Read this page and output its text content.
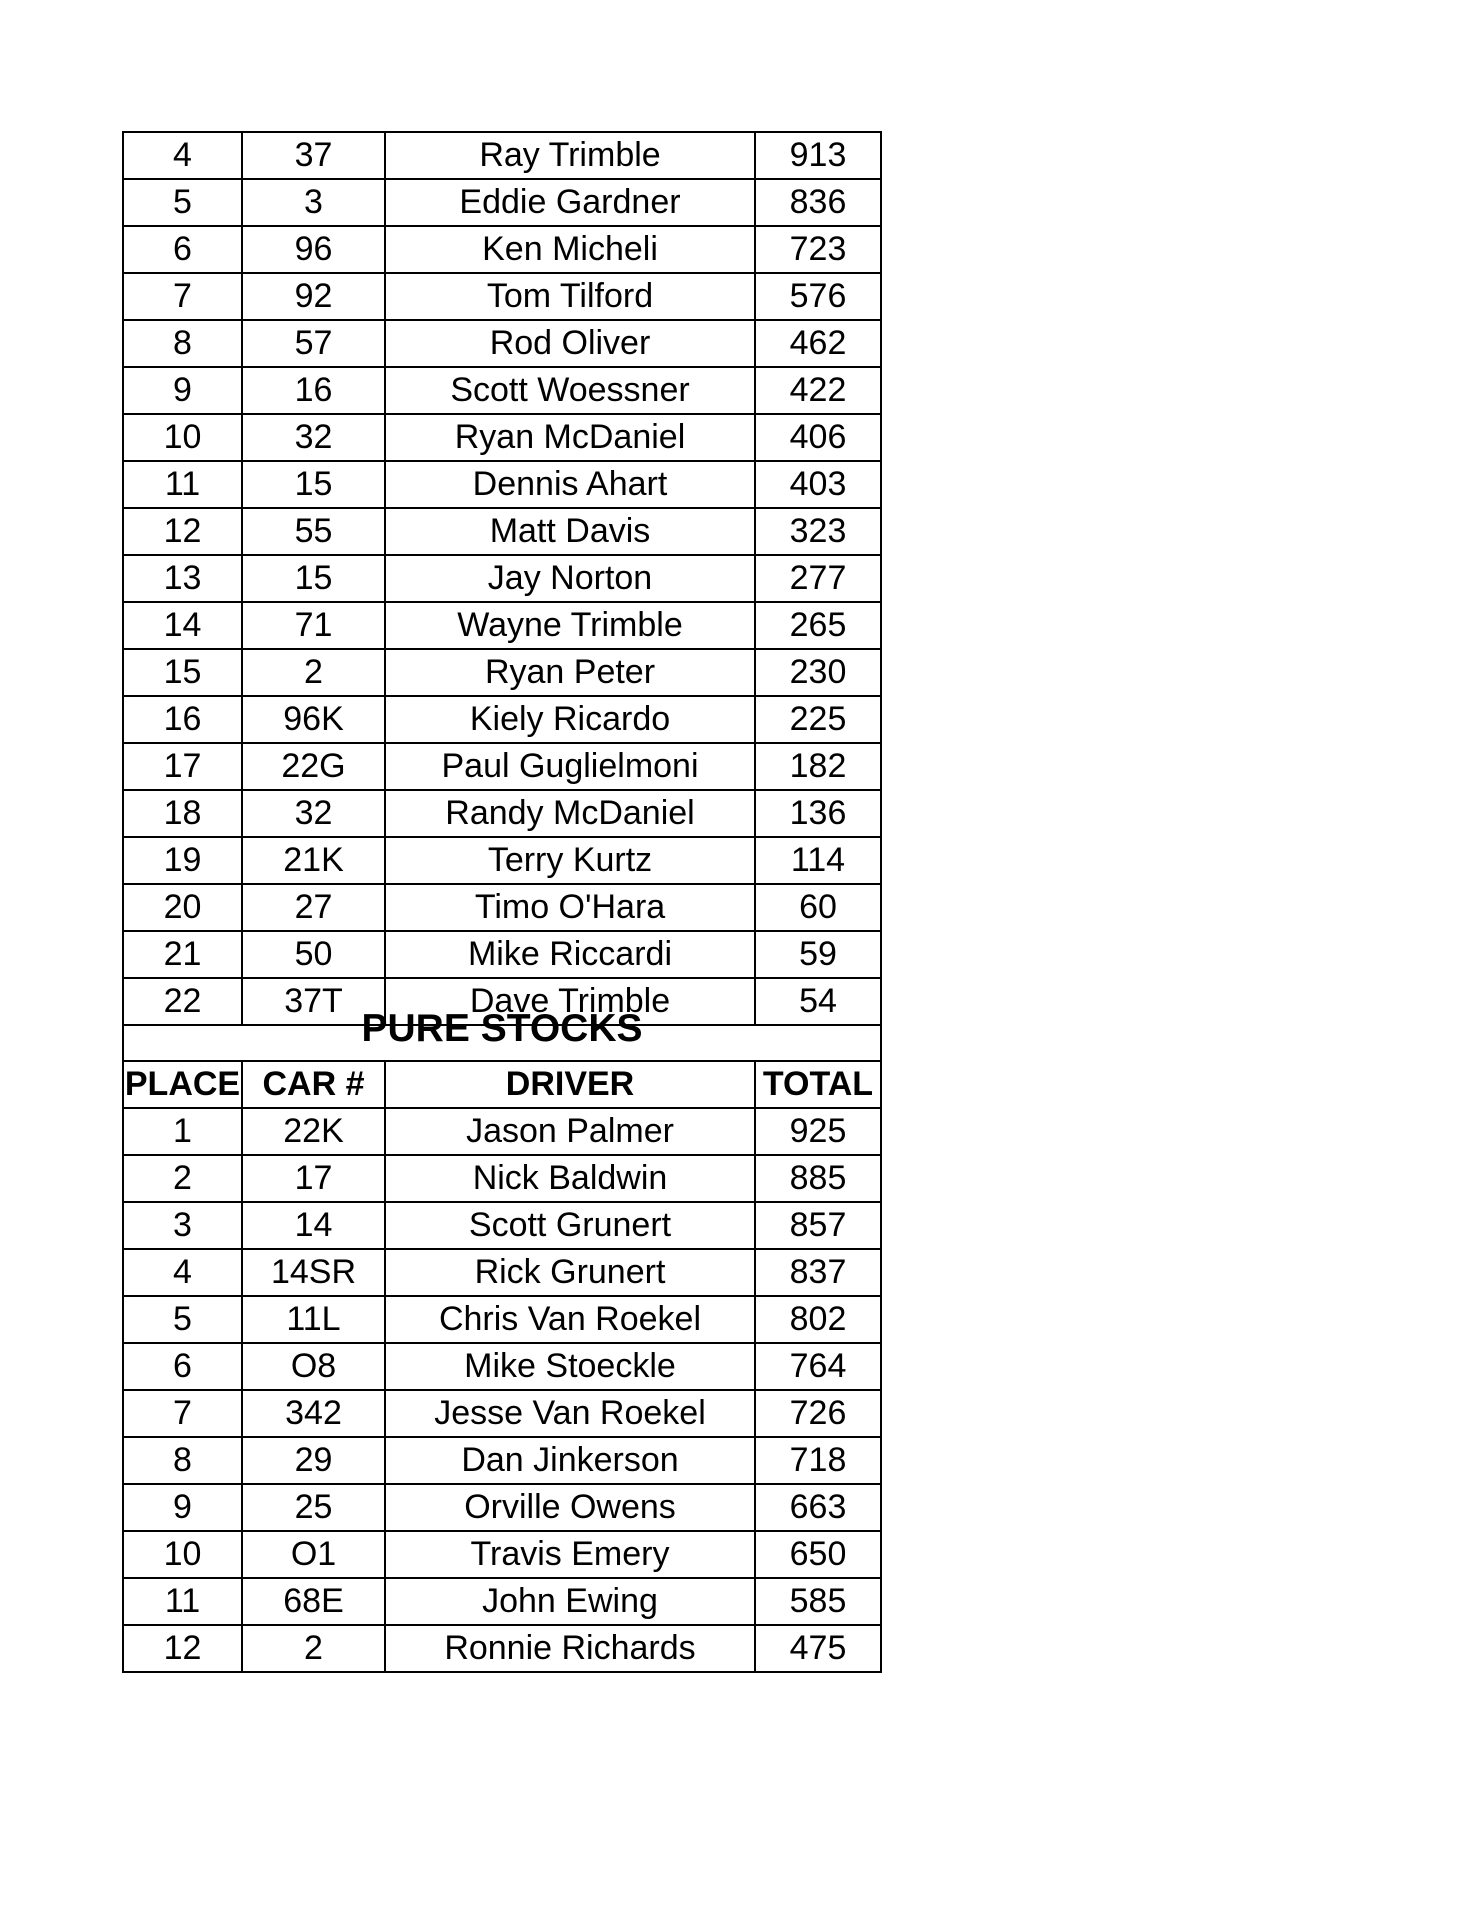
4	37	Ray Trimble	913
5	3	Eddie Gardner	836
6	96	Ken Micheli	723
7	92	Tom Tilford	576
8	57	Rod Oliver	462
9	16	Scott Woessner	422
10	32	Ryan McDaniel	406
11	15	Dennis Ahart	403
12	55	Matt Davis	323
13	15	Jay Norton	277
14	71	Wayne Trimble	265
15	2	Ryan Peter	230
16	96K	Kiely Ricardo	225
17	22G	Paul Guglielmoni	182
18	32	Randy McDaniel	136
19	21K	Terry Kurtz	114
20	27	Timo O'Hara	60
21	50	Mike Riccardi	59
22	37T	Dave Trimble	54
PURE STOCKS			
PLACE	CAR #	DRIVER	TOTAL
1	22K	Jason Palmer	925
2	17	Nick Baldwin	885
3	14	Scott Grunert	857
4	14SR	Rick Grunert	837
5	11L	Chris Van Roekel	802
6	O8	Mike Stoeckle	764
7	342	Jesse Van Roekel	726
8	29	Dan Jinkerson	718
9	25	Orville Owens	663
10	O1	Travis Emery	650
11	68E	John Ewing	585
12	2	Ronnie Richards	475
